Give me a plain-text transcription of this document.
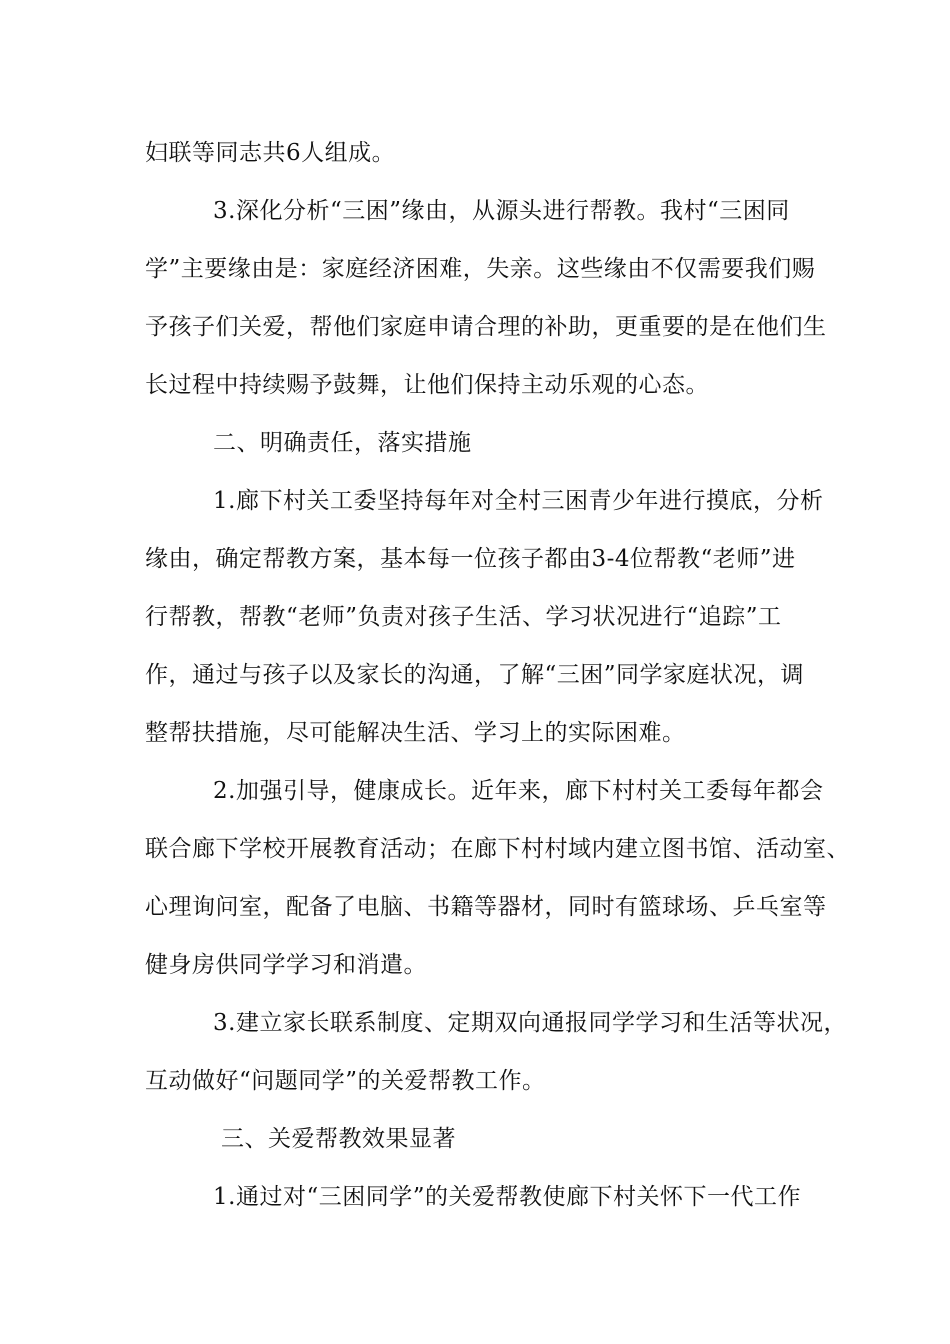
妇联等同志共6人组成。

3.深化分析“三困”缘由，从源头进行帮教。我村“三困同

学”主要缘由是：家庭经济困难，失亲。这些缘由不仅需要我们赐

予孩子们关爱，帮他们家庭申请合理的补助，更重要的是在他们生

长过程中持续赐予鼓舞，让他们保持主动乐观的心态。

二、明确责任，落实措施

1.廊下村关工委坚持每年对全村三困青少年进行摸底，分析

缘由，确定帮教方案，基本每一位孩子都由3-4位帮教“老师”进

行帮教，帮教“老师”负责对孩子生活、学习状况进行“追踪”工

作，通过与孩子以及家长的沟通，了解“三困”同学家庭状况，调

整帮扶措施，尽可能解决生活、学习上的实际困难。

2.加强引导，健康成长。近年来，廊下村村关工委每年都会

联合廊下学校开展教育活动；在廊下村村域内建立图书馆、活动室、

心理询问室，配备了电脑、书籍等器材，同时有篮球场、乒乓室等

健身房供同学学习和消遣。

3.建立家长联系制度、定期双向通报同学学习和生活等状况，

互动做好“问题同学”的关爱帮教工作。

三、关爱帮教效果显著

1.通过对“三困同学”的关爱帮教使廊下村关怀下一代工作
